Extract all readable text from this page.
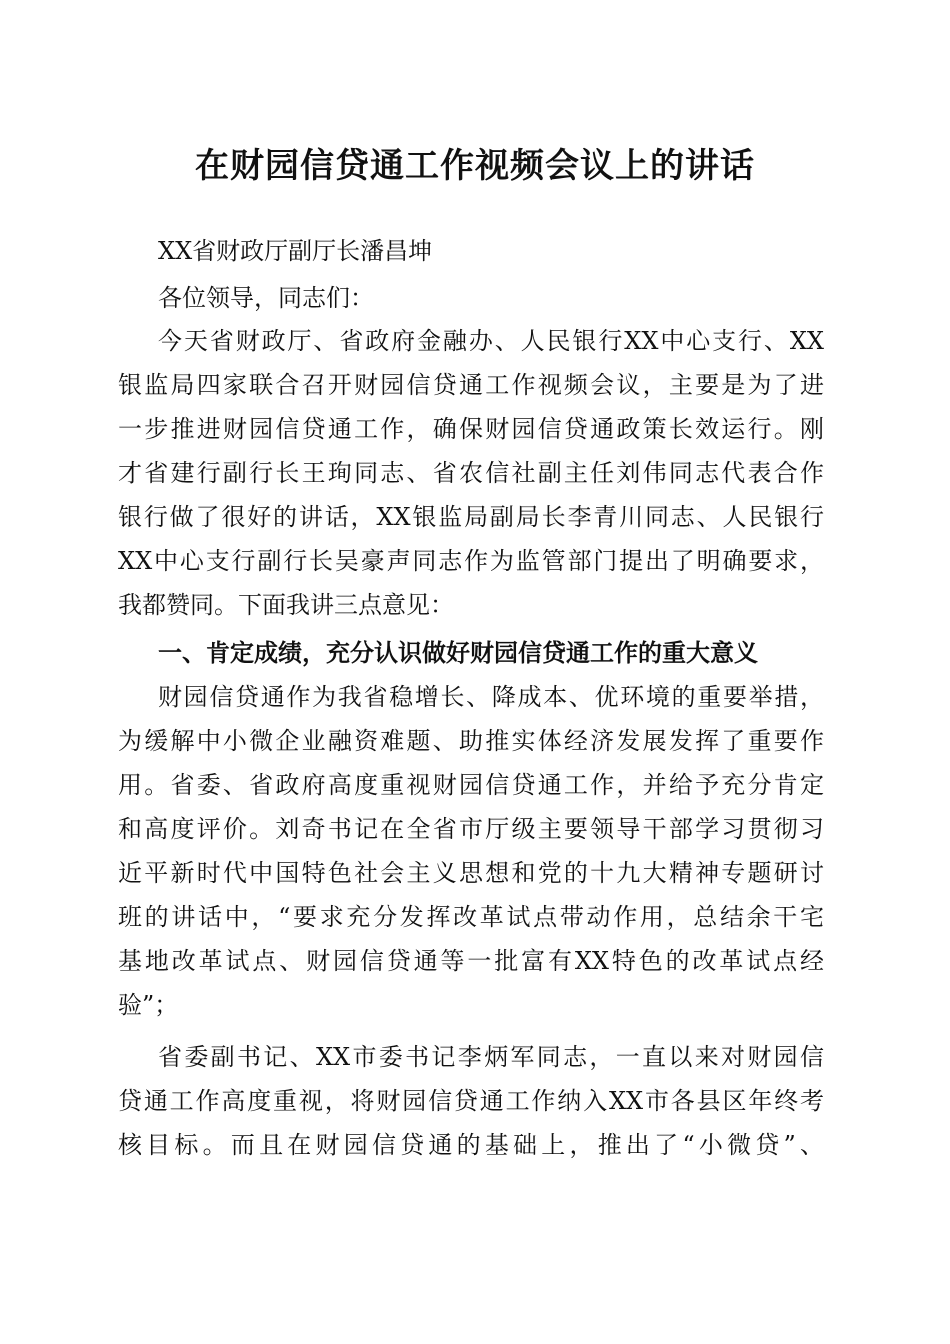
在财园信贷通工作视频会议上的讲话
XX省财政厅副厅长潘昌坤
各位领导，同志们：
今天省财政厅、省政府金融办、人民银行XX中心支行、XX
银监局四家联合召开财园信贷通工作视频会议，主要是为了进
一步推进财园信贷通工作，确保财园信贷通政策长效运行。刚
才省建行副行长王珣同志、省农信社副主任刘伟同志代表合作
银行做了很好的讲话，XX银监局副局长李青川同志、人民银行
XX中心支行副行长吴豪声同志作为监管部门提出了明确要求，
我都赞同。下面我讲三点意见：
一、肯定成绩，充分认识做好财园信贷通工作的重大意义
财园信贷通作为我省稳增长、降成本、优环境的重要举措，
为缓解中小微企业融资难题、助推实体经济发展发挥了重要作
用。省委、省政府高度重视财园信贷通工作，并给予充分肯定
和高度评价。刘奇书记在全省市厅级主要领导干部学习贯彻习
近平新时代中国特色社会主义思想和党的十九大精神专题研讨
班的讲话中，“要求充分发挥改革试点带动作用，总结余干宅
基地改革试点、财园信贷通等一批富有XX特色的改革试点经
验”；
省委副书记、XX市委书记李炳军同志，一直以来对财园信
贷通工作高度重视，将财园信贷通工作纳入XX市各县区年终考
核目标。而且在财园信贷通的基础上，推出了“小微贷”、
